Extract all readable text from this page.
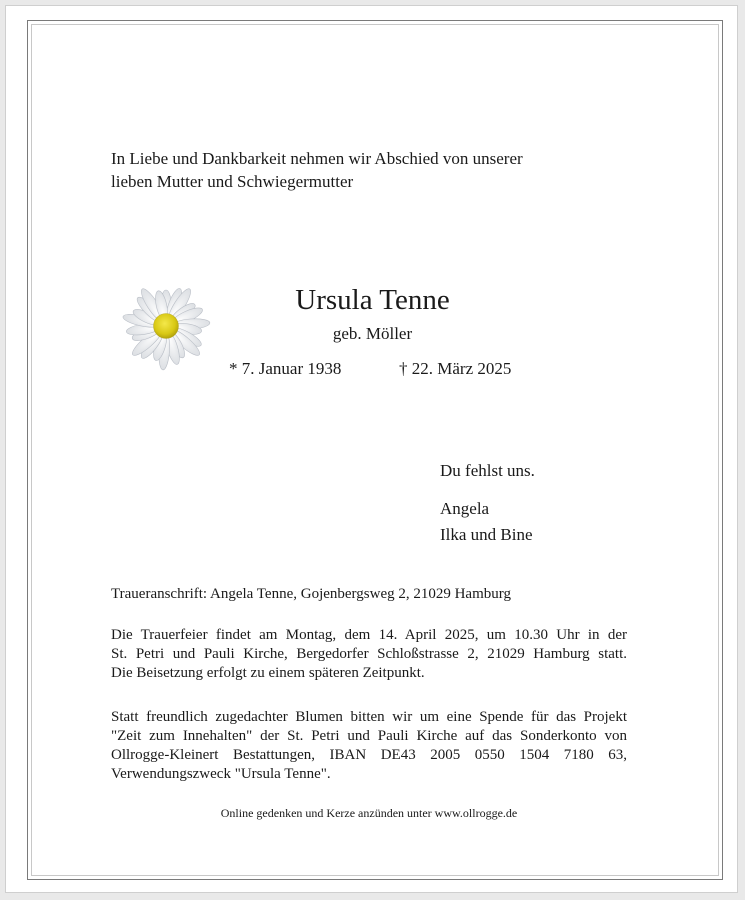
In Liebe und Dankbarkeit nehmen wir Abschied von unserer
lieben Mutter und Schwiegermutter

Ursula Tenne
geb. Möller
* 7. Januar 1938	† 22. März 2025
Du fehlst uns.
Angela
Ilka und Bine

Traueranschrift: Angela Tenne, Gojenbergsweg 2, 21029 Hamburg

Die Trauerfeier findet am Montag, dem 14. April 2025, um 10.30 Uhr in der
St. Petri und Pauli Kirche, Bergedorfer Schloßstrasse 2, 21029 Hamburg statt.
Die Beisetzung erfolgt zu einem späteren Zeitpunkt.

Statt freundlich zugedachter Blumen bitten wir um eine Spende für das Projekt
"Zeit zum Innehalten" der St. Petri und Pauli Kirche auf das Sonderkonto von
Ollrogge-Kleinert Bestattungen, IBAN DE43 2005 0550 1504 7180 63,
Verwendungszweck "Ursula Tenne".

Online gedenken und Kerze anzünden unter www.ollrogge.de
